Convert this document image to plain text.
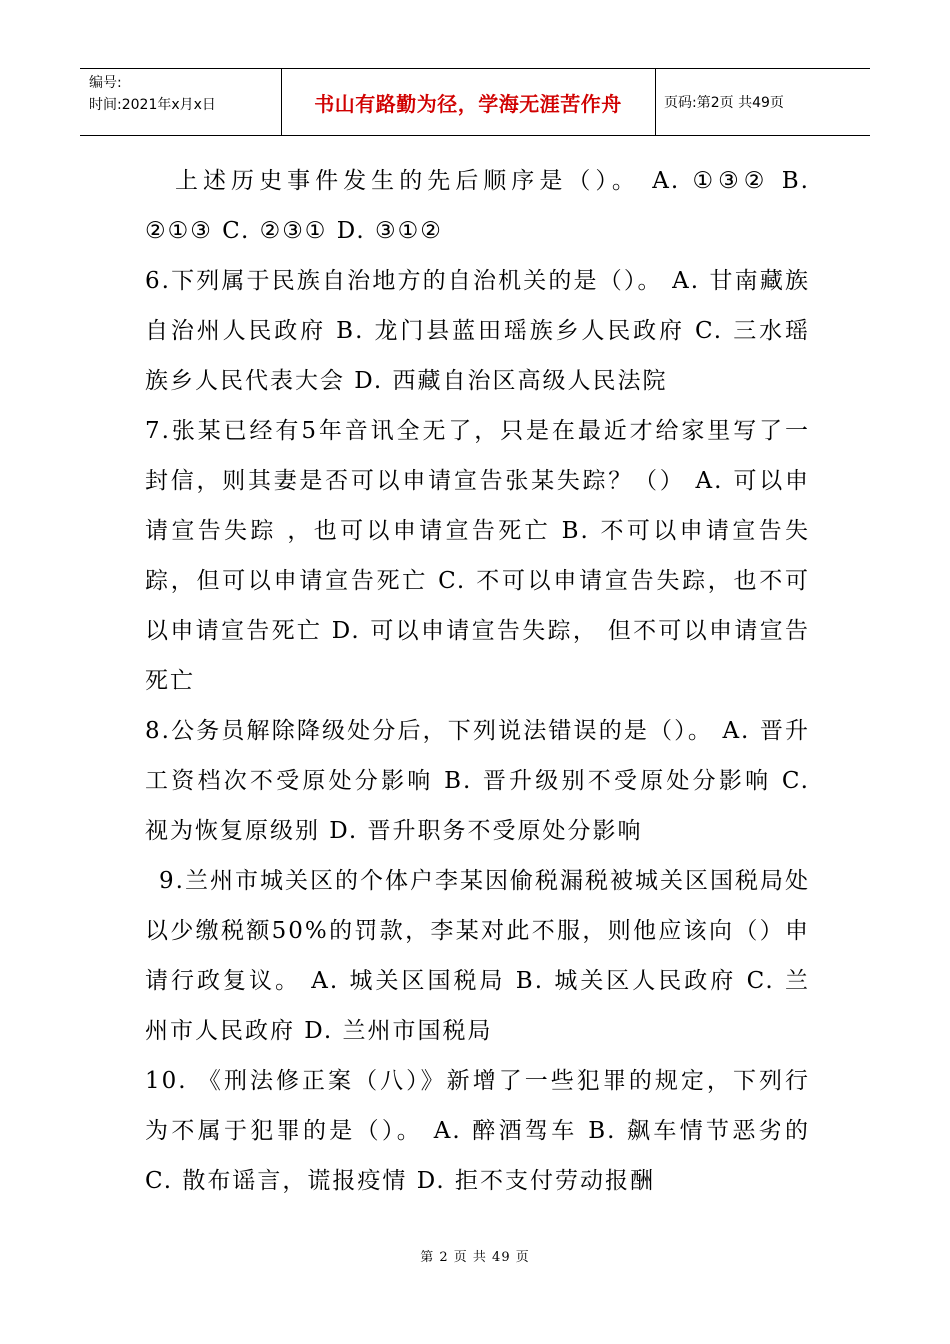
编号:
时间:2021年x月x日	书山有路勤为径，学海无涯苦作舟	页码:第2页 共49页

上述历史事件发生的先后顺序是（）。 A. ①③② B. ②①③ C. ②③① D. ③①②

6.下列属于民族自治地方的自治机关的是（）。 A. 甘南藏族自治州人民政府 B. 龙门县蓝田瑶族乡人民政府 C. 三水瑶族乡人民代表大会 D. 西藏自治区高级人民法院

7.张某已经有5年音讯全无了，只是在最近才给家里写了一封信，则其妻是否可以申请宣告张某失踪？（） A. 可以申请宣告失踪 ，也可以申请宣告死亡 B. 不可以申请宣告失踪，但可以申请宣告死亡 C. 不可以申请宣告失踪，也不可以申请宣告死亡 D. 可以申请宣告失踪， 但不可以申请宣告死亡

8.公务员解除降级处分后，下列说法错误的是（）。 A. 晋升工资档次不受原处分影响 B. 晋升级别不受原处分影响 C. 视为恢复原级别 D. 晋升职务不受原处分影响

9.兰州市城关区的个体户李某因偷税漏税被城关区国税局处以少缴税额50%的罚款，李某对此不服，则他应该向（）申请行政复议。 A. 城关区国税局 B. 城关区人民政府 C. 兰州市人民政府 D. 兰州市国税局

10. 《刑法修正案（八）》新增了一些犯罪的规定，下列行为不属于犯罪的是（）。 A. 醉酒驾车 B. 飙车情节恶劣的 C. 散布谣言，谎报疫情 D. 拒不支付劳动报酬

第 2 页 共 49 页
